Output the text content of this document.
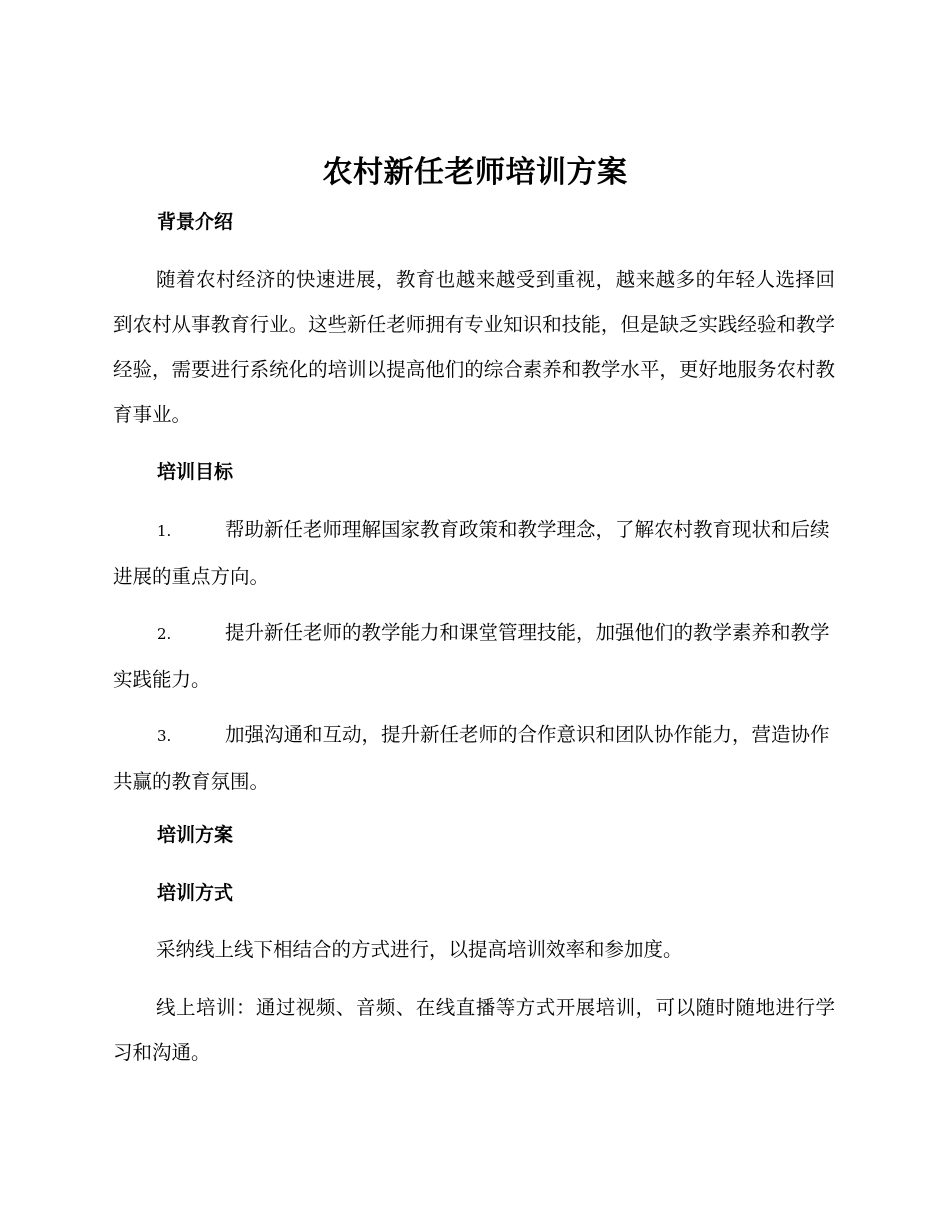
农村新任老师培训方案
背景介绍

随着农村经济的快速进展，教育也越来越受到重视，越来越多的年轻人选择回到农村从事教育行业。这些新任老师拥有专业知识和技能，但是缺乏实践经验和教学经验，需要进行系统化的培训以提高他们的综合素养和教学水平，更好地服务农村教育事业。

培训目标

1.	帮助新任老师理解国家教育政策和教学理念，了解农村教育现状和后续进展的重点方向。

2.	提升新任老师的教学能力和课堂管理技能，加强他们的教学素养和教学实践能力。

3.	加强沟通和互动，提升新任老师的合作意识和团队协作能力，营造协作共赢的教育氛围。

培训方案
培训方式

采纳线上线下相结合的方式进行，以提高培训效率和参加度。

线上培训：通过视频、音频、在线直播等方式开展培训，可以随时随地进行学习和沟通。
